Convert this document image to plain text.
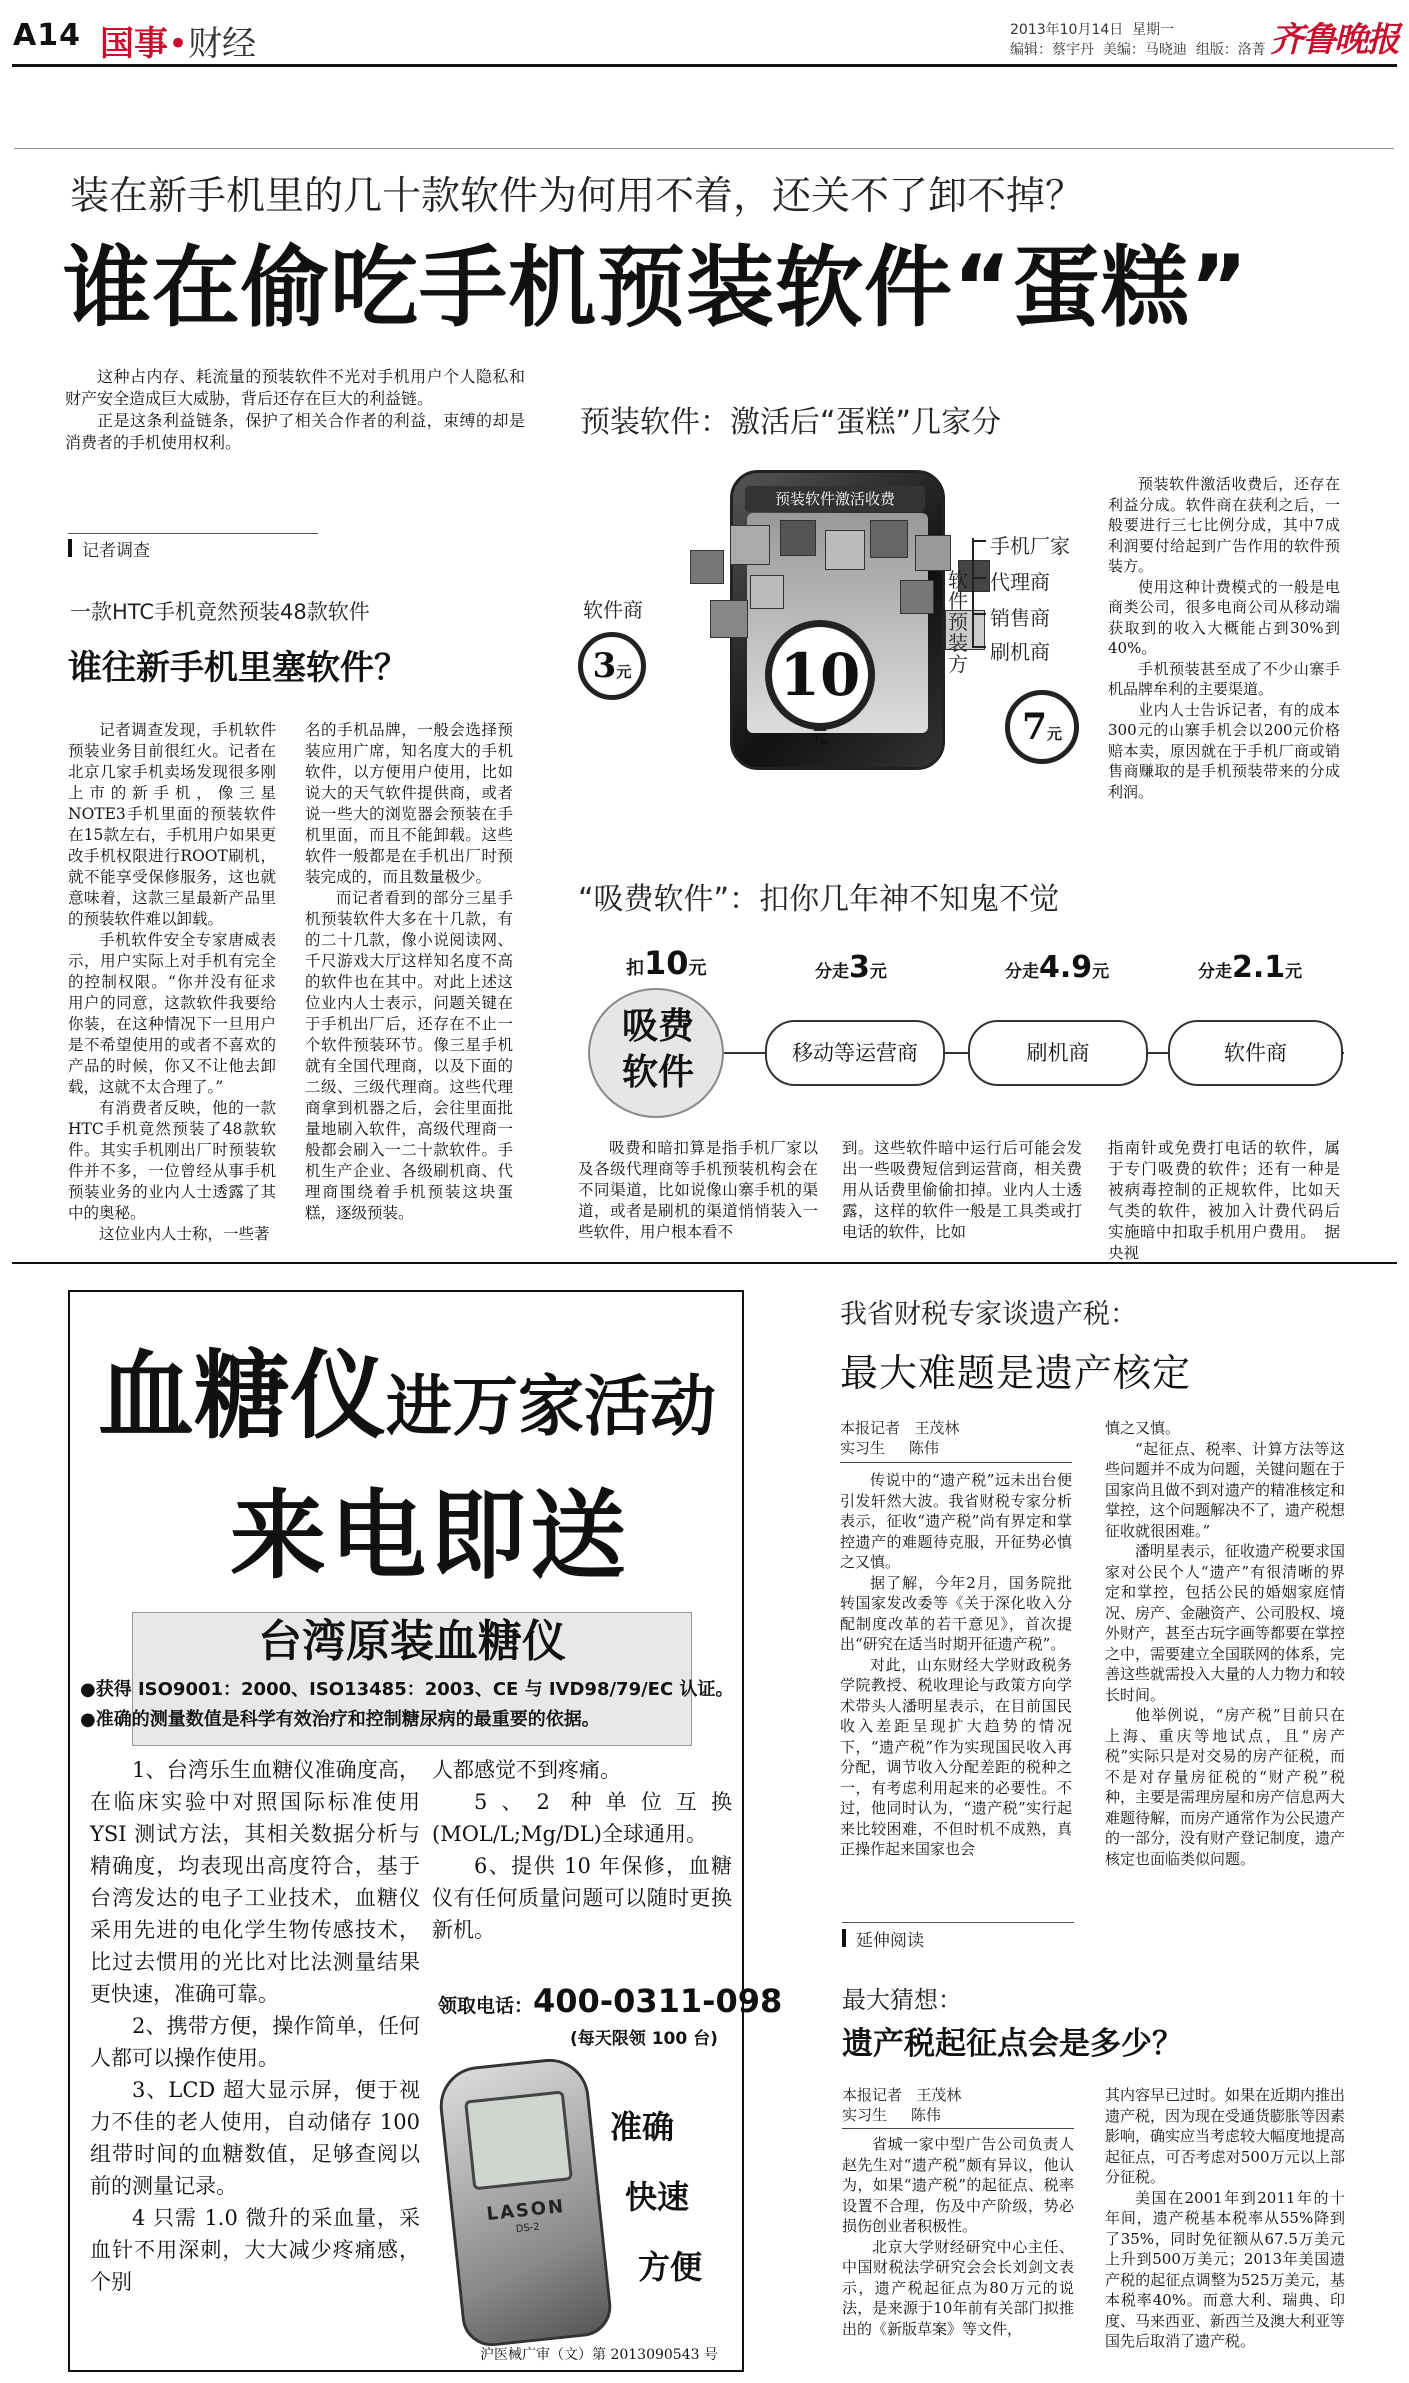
A14 国事•财经	2013年10月14日 星期一
编辑：蔡宇丹 美编：马晓迪 组版：洛菁 齐鲁晚报
装在新手机里的几十款软件为何用不着，还关不了卸不掉？
谁在偷吃手机预装软件“蛋糕”

这种占内存、耗流量的预装软件不光对手机用户个人隐私和财产安全造成巨大威胁，背后还存在巨大的利益链。

正是这条利益链条，保护了相关合作者的利益，束缚的却是消费者的手机使用权利。

记者调查
一款HTC手机竟然预装48款软件
谁往新手机里塞软件？

记者调查发现，手机软件预装业务目前很红火。记者在北京几家手机卖场发现很多刚上市的新手机，像三星NOTE3手机里面的预装软件在15款左右，手机用户如果更改手机权限进行ROOT刷机，就不能享受保修服务，这也就意味着，这款三星最新产品里的预装软件难以卸载。

手机软件安全专家唐威表示，用户实际上对手机有完全的控制权限。“你并没有征求用户的同意，这款软件我要给你装，在这种情况下一旦用户是不希望使用的或者不喜欢的产品的时候，你又不让他去卸载，这就不太合理了。”

有消费者反映，他的一款HTC手机竟然预装了48款软件。其实手机刚出厂时预装软件并不多，一位曾经从事手机预装业务的业内人士透露了其中的奥秘。

这位业内人士称，一些著

名的手机品牌，一般会选择预装应用广席，知名度大的手机软件，以方便用户使用，比如说大的天气软件提供商，或者说一些大的浏览器会预装在手机里面，而且不能卸载。这些软件一般都是在手机出厂时预装完成的，而且数量极少。

而记者看到的部分三星手机预装软件大多在十几款，有的二十几款，像小说阅读网、千尺游戏大厅这样知名度不高的软件也在其中。对此上述这位业内人士表示，问题关键在于手机出厂后，还存在不止一个软件预装环节。像三星手机就有全国代理商，以及下面的二级、三级代理商。这些代理商拿到机器之后，会往里面批量地刷入软件，高级代理商一般都会刷入一二十款软件。手机生产企业、各级刷机商、代理商围绕着手机预装这块蛋糕，逐级预装。

预装软件：激活后“蛋糕”几家分
预装软件激活收费
10元
软件商
3元
7元
软件预装方
手机厂家
代理商
销售商
刷机商

预装软件激活收费后，还存在利益分成。软件商在获利之后，一般要进行三七比例分成，其中7成利润要付给起到广告作用的软件预装方。

使用这种计费模式的一般是电商类公司，很多电商公司从移动端获取到的收入大概能占到30%到40%。

手机预装甚至成了不少山寨手机品牌牟利的主要渠道。

业内人士告诉记者，有的成本300元的山寨手机会以200元价格赔本卖，原因就在于手机厂商或销售商赚取的是手机预装带来的分成利润。

“吸费软件”：扣你几年神不知鬼不觉
扣10元
吸费软件	移动等运营商	刷机商	软件商
分走3元	分走4.9元	分走2.1元

吸费和暗扣算是指手机厂家以及各级代理商等手机预装机构会在不同渠道，比如说像山寨手机的渠道，或者是刷机的渠道悄悄装入一些软件，用户根本看不

到。这些软件暗中运行后可能会发出一些吸费短信到运营商，相关费用从话费里偷偷扣掉。业内人士透露，这样的软件一般是工具类或打电话的软件，比如

指南针或免费打电话的软件，属于专门吸费的软件；还有一种是被病毒控制的正规软件，比如天气类的软件，被加入计费代码后实施暗中扣取手机用户费用。　据央视

血糖仪进万家活动
来电即送
台湾原装血糖仪
●获得 ISO9001：2000、ISO13485：2003、CE 与 IVD98/79/EC 认证。
●准确的测量数值是科学有效治疗和控制糖尿病的最重要的依据。

1、台湾乐生血糖仪准确度高，在临床实验中对照国际标准使用YSI 测试方法，其相关数据分析与精确度，均表现出高度符合，基于台湾发达的电子工业技术，血糖仪采用先进的电化学生物传感技术，比过去惯用的光比对比法测量结果更快速，准确可靠。

2、携带方便，操作简单，任何人都可以操作使用。

3、LCD 超大显示屏，便于视力不佳的老人使用，自动储存 100 组带时间的血糖数值，足够查阅以前的测量记录。

4 只需 1.0 微升的采血量，采血针不用深刺，大大减少疼痛感，个别

人都感觉不到疼痛。

5、2 种单位互换(MOL/L;Mg/DL)全球通用。

6、提供 10 年保修，血糖仪有任何质量问题可以随时更换新机。

领取电话：400-0311-098
(每天限领 100 台)
LASON
DS-2
准确
快速
方便
沪医械广审（文）第 2013090543 号
我省财税专家谈遗产税：
最大难题是遗产核定
本报记者 王茂林
实习生 陈伟

传说中的“遗产税”远未出台便引发轩然大波。我省财税专家分析表示，征收“遗产税”尚有界定和掌控遗产的难题待克服，开征势必慎之又慎。

据了解，今年2月，国务院批转国家发改委等《关于深化收入分配制度改革的若干意见》，首次提出“研究在适当时期开征遗产税”。

对此，山东财经大学财政税务学院教授、税收理论与政策方向学术带头人潘明星表示，在目前国民收入差距呈现扩大趋势的情况下，“遗产税”作为实现国民收入再分配，调节收入分配差距的税种之一，有考虑利用起来的必要性。不过，他同时认为，“遗产税”实行起来比较困难，不但时机不成熟，真正操作起来国家也会

慎之又慎。

“起征点、税率、计算方法等这些问题并不成为问题，关键问题在于国家尚且做不到对遗产的精准核定和掌控，这个问题解决不了，遗产税想征收就很困难。”

潘明星表示，征收遗产税要求国家对公民个人“遗产”有很清晰的界定和掌控，包括公民的婚姻家庭情况、房产、金融资产、公司股权、境外财产，甚至古玩字画等都要在掌控之中，需要建立全国联网的体系，完善这些就需投入大量的人力物力和较长时间。

他举例说，“房产税”目前只在上海、重庆等地试点，且“房产税”实际只是对交易的房产征税，而不是对存量房征税的“财产税”税种，主要是需理房屋和房产信息两大难题待解，而房产通常作为公民遗产的一部分，没有财产登记制度，遗产核定也面临类似问题。

延伸阅读
最大猜想：
遗产税起征点会是多少？
本报记者 王茂林
实习生 陈伟

省城一家中型广告公司负责人赵先生对“遗产税”颇有异议，他认为，如果“遗产税”的起征点、税率设置不合理，伤及中产阶级，势必损伤创业者积极性。

北京大学财经研究中心主任、中国财税法学研究会会长刘剑文表示，遗产税起征点为80万元的说法，是来源于10年前有关部门拟推出的《新版草案》等文件，

其内容早已过时。如果在近期内推出遗产税，因为现在受通货膨胀等因素影响，确实应当考虑较大幅度地提高起征点，可否考虑对500万元以上部分征税。

美国在2001年到2011年的十年间，遗产税基本税率从55%降到了35%，同时免征额从67.5万美元上升到500万美元；2013年美国遗产税的起征点调整为525万美元，基本税率40%。而意大利、瑞典、印度、马来西亚、新西兰及澳大利亚等国先后取消了遗产税。
